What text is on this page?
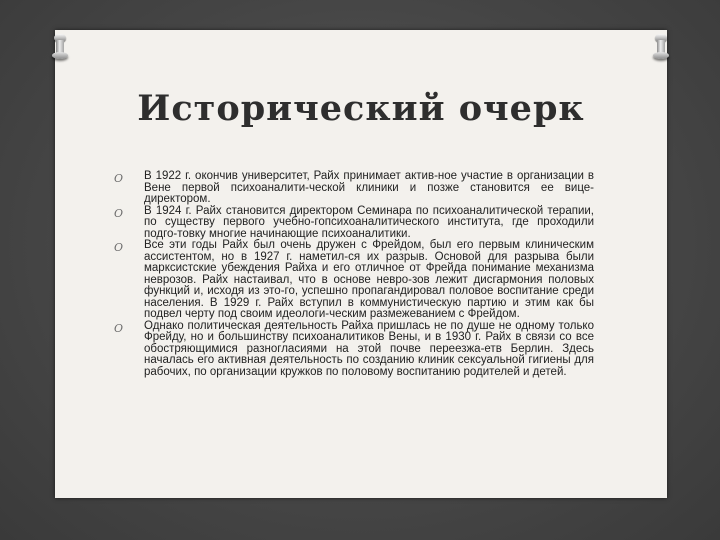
Исторический очерк
O В 1922 г. окончив университет, Райх принимает актив-ное участие в организации в Вене первой психоаналити-ческой клиники и позже становится ее вице-директором.
O В 1924 г. Райх становится директором Семинара по психоаналитической терапии, по существу первого учебно-гопсихоаналитического института, где проходили подго-товку многие начинающие психоаналитики.
O Все эти годы Райх был очень дружен с Фрейдом, был его первым клиническим ассистентом, но в 1927 г. наметил-ся их разрыв. Основой для разрыва были марксистские убеждения Райха и его отличное от Фрейда понимание механизма неврозов. Райх настаивал, что в основе невро-зов лежит дисгармония половых функций и, исходя из это-го, успешно пропагандировал половое воспитание среди населения. В 1929 г. Райх вступил в коммунистическую партию и этим как бы подвел черту под своим идеологи-ческим размежеванием с Фрейдом.
O Однако политическая деятельность Райха пришлась не по душе не одному только Фрейду, но и большинству психоаналитиков Вены, и в 1930 г. Райх в связи со все обостряющимися разногласиями на этой почве переезжа-етв Берлин. Здесь началась его активная деятельность по созданию клиник сексуальной гигиены для рабочих, по организации кружков по половому воспитанию родителей и детей.
